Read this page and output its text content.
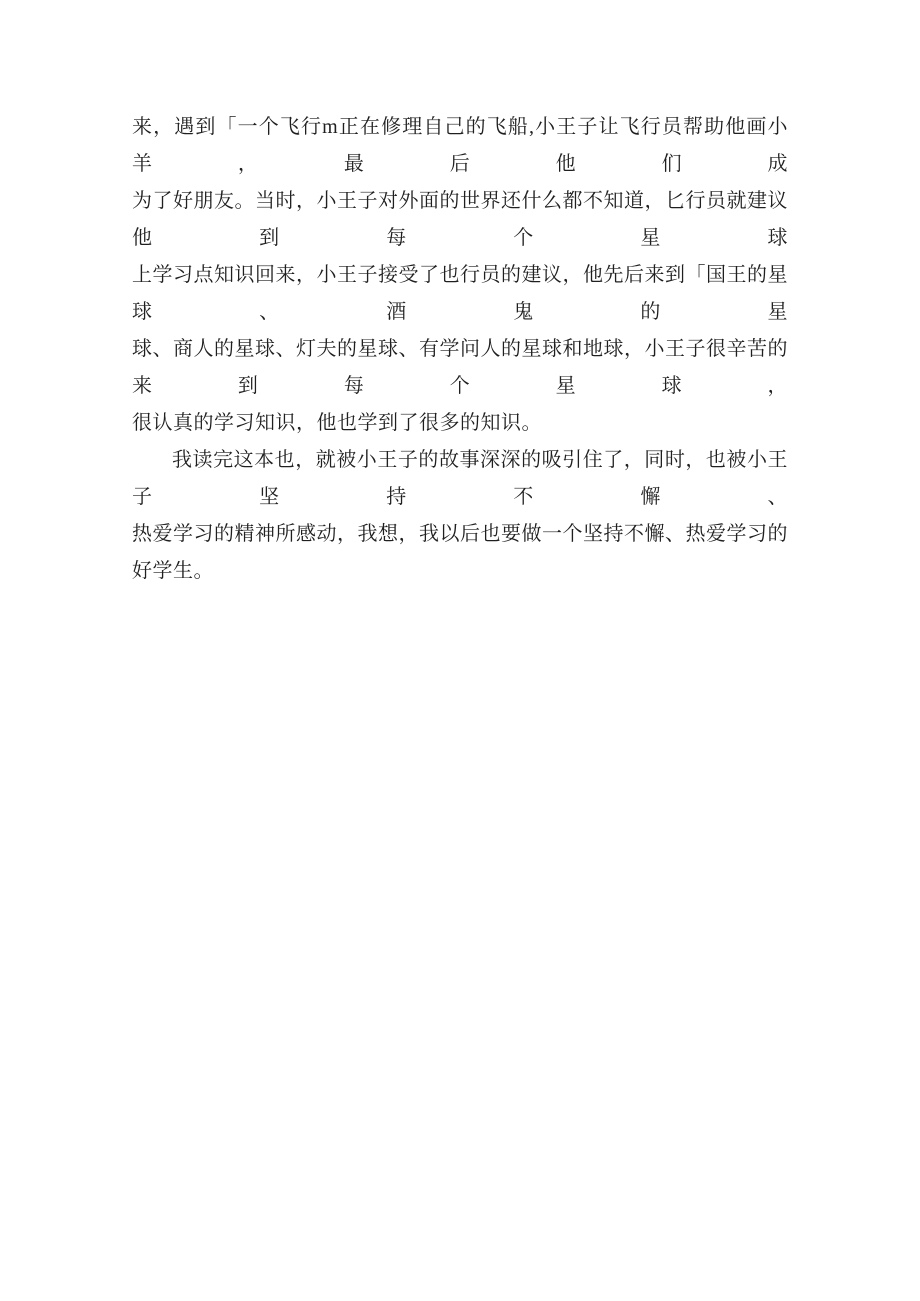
来，遇到「一个飞行m正在修理自己的飞船,小王子让飞行员帮助他画小羊，最后他们成
为了好朋友。当时，小王子对外面的世界还什么都不知道，匕行员就建议他到每个星球
上学习点知识回来，小王子接受了也行员的建议，他先后来到「国王的星球、酒鬼的星
球、商人的星球、灯夫的星球、有学问人的星球和地球，小王子很辛苦的来到每个星球，
很认真的学习知识，他也学到了很多的知识。

我读完这本也，就被小王子的故事深深的吸引住了，同时，也被小王子坚持不懈、
热爱学习的精神所感动，我想，我以后也要做一个坚持不懈、热爱学习的好学生。
